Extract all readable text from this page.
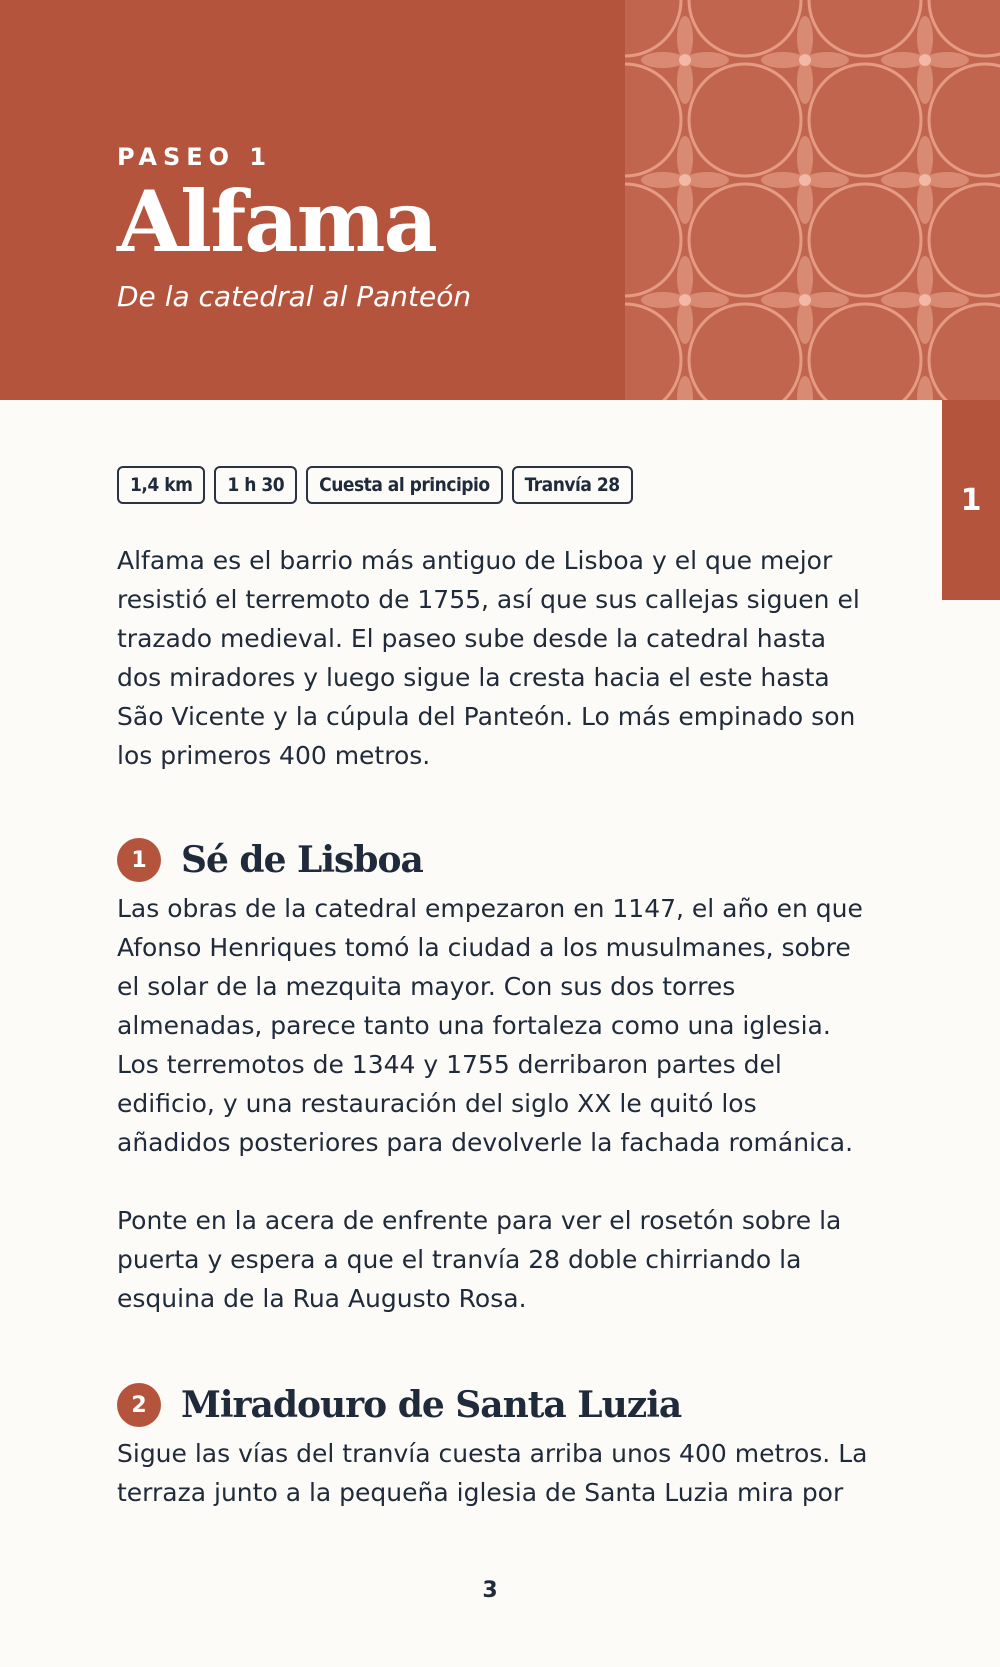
PASEO 1
Alfama
De la catedral al Panteón
1
1,4 km	1 h 30	Cuesta al principio	Tranvía 28

Alfama es el barrio más antiguo de Lisboa y el que mejor resistió el terremoto de 1755, así que sus callejas siguen el trazado medieval. El paseo sube desde la catedral hasta dos miradores y luego sigue la cresta hacia el este hasta São Vicente y la cúpula del Panteón. Lo más empinado son los primeros 400 metros.

1 Sé de Lisboa

Las obras de la catedral empezaron en 1147, el año en que Afonso Henriques tomó la ciudad a los musulmanes, sobre el solar de la mezquita mayor. Con sus dos torres almenadas, parece tanto una fortaleza como una iglesia. Los terremotos de 1344 y 1755 derribaron partes del edificio, y una restauración del siglo XX le quitó los añadidos posteriores para devolverle la fachada románica.

Ponte en la acera de enfrente para ver el rosetón sobre la puerta y espera a que el tranvía 28 doble chirriando la esquina de la Rua Augusto Rosa.

2 Miradouro de Santa Luzia

Sigue las vías del tranvía cuesta arriba unos 400 metros. La terraza junto a la pequeña iglesia de Santa Luzia mira por

3
